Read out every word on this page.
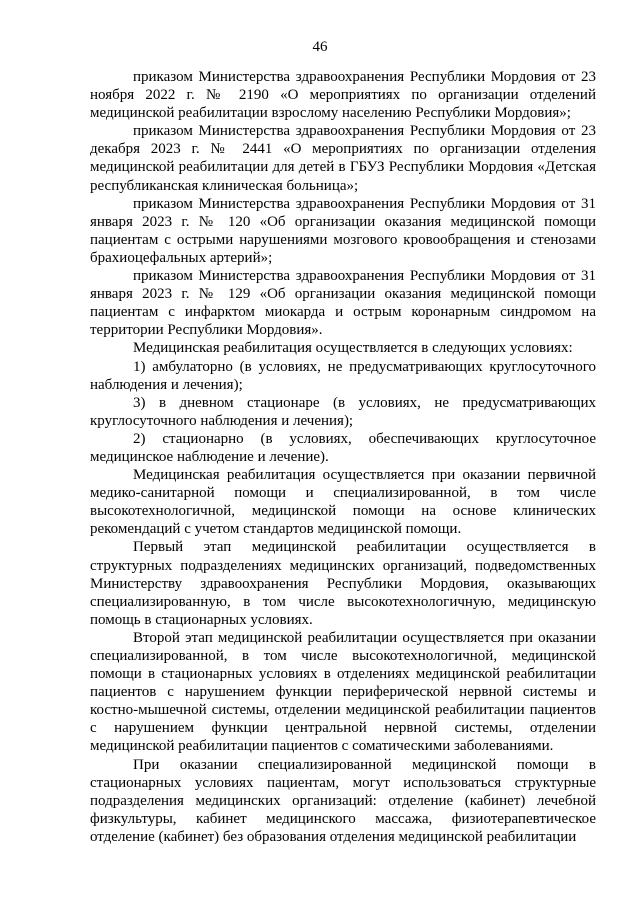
46

приказом Министерства здравоохранения Республики Мордовия от 23 ноября 2022 г. № 2190 «О мероприятиях по организации отделений медицинской реабилитации взрослому населению Республики Мордовия»;

приказом Министерства здравоохранения Республики Мордовия от 23 декабря 2023 г. № 2441 «О мероприятиях по организации отделения медицинской реабилитации для детей в ГБУЗ Республики Мордовия «Детская республиканская клиническая больница»;

приказом Министерства здравоохранения Республики Мордовия от 31 января 2023 г. № 120 «Об организации оказания медицинской помощи пациентам с острыми нарушениями мозгового кровообращения и стенозами брахиоцефальных артерий»;

приказом Министерства здравоохранения Республики Мордовия от 31 января 2023 г. № 129 «Об организации оказания медицинской помощи пациентам с инфарктом миокарда и острым коронарным синдромом на территории Республики Мордовия».

Медицинская реабилитация осуществляется в следующих условиях:

1) амбулаторно (в условиях, не предусматривающих круглосуточного наблюдения и лечения);

3) в дневном стационаре (в условиях, не предусматривающих круглосуточного наблюдения и лечения);

2) стационарно (в условиях, обеспечивающих круглосуточное медицинское наблюдение и лечение).

Медицинская реабилитация осуществляется при оказании первичной медико-санитарной помощи и специализированной, в том числе высокотехнологичной, медицинской помощи на основе клинических рекомендаций с учетом стандартов медицинской помощи.

Первый этап медицинской реабилитации осуществляется в структурных подразделениях медицинских организаций, подведомственных Министерству здравоохранения Республики Мордовия, оказывающих специализированную, в том числе высокотехнологичную, медицинскую помощь в стационарных условиях.

Второй этап медицинской реабилитации осуществляется при оказании специализированной, в том числе высокотехнологичной, медицинской помощи в стационарных условиях в отделениях медицинской реабилитации пациентов с нарушением функции периферической нервной системы и костно-мышечной системы, отделении медицинской реабилитации пациентов с нарушением функции центральной нервной системы, отделении медицинской реабилитации пациентов с соматическими заболеваниями.

При оказании специализированной медицинской помощи в стационарных условиях пациентам, могут использоваться структурные подразделения медицинских организаций: отделение (кабинет) лечебной физкультуры, кабинет медицинского массажа, физиотерапевтическое отделение (кабинет) без образования отделения медицинской реабилитации
